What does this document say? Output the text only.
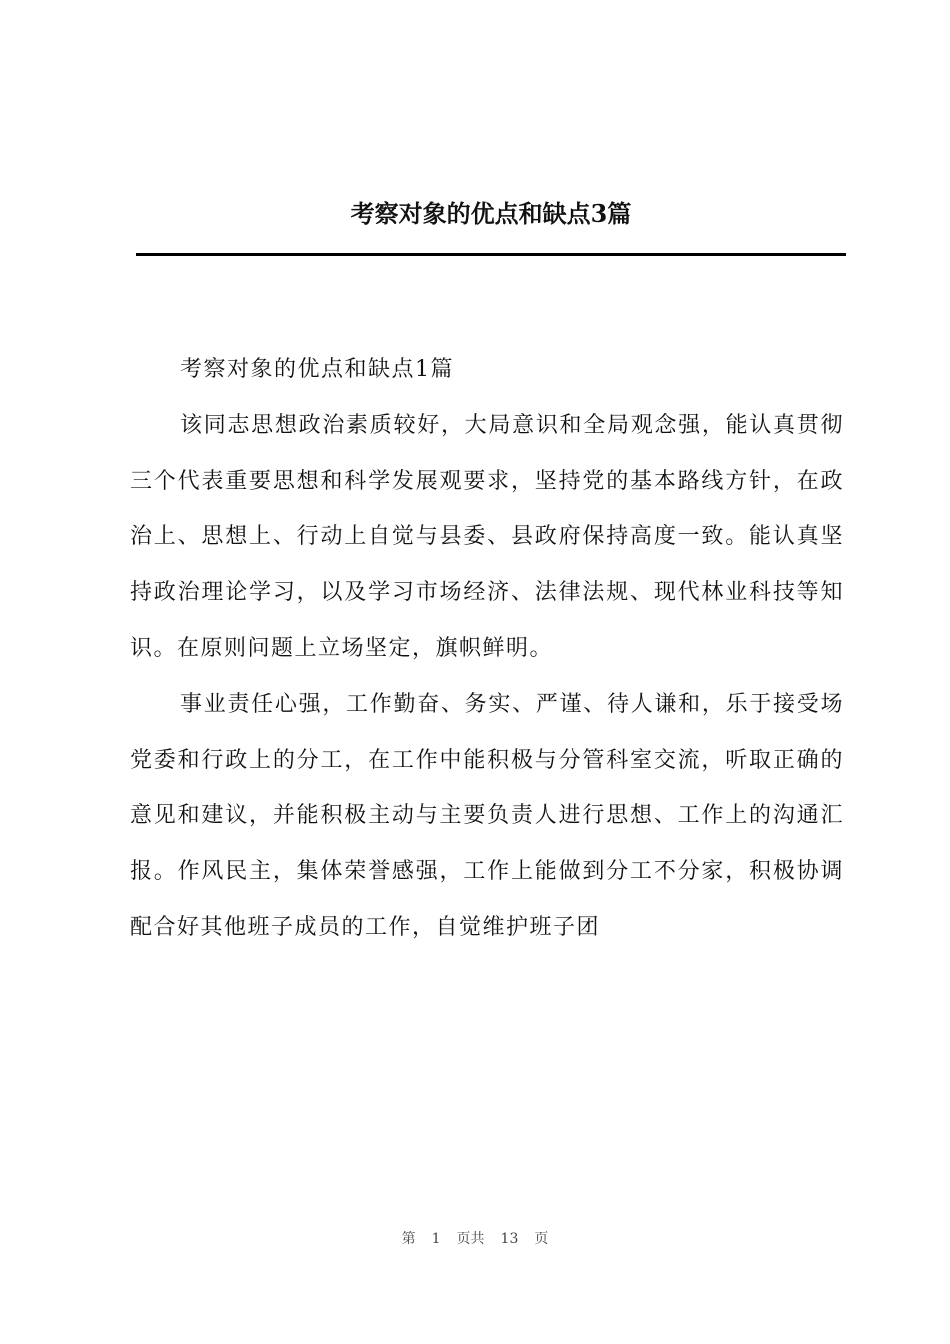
考察对象的优点和缺点3篇

考察对象的优点和缺点1篇

该同志思想政治素质较好，大局意识和全局观念强，能认真贯彻三个代表重要思想和科学发展观要求，坚持党的基本路线方针，在政治上、思想上、行动上自觉与县委、县政府保持高度一致。能认真坚持政治理论学习，以及学习市场经济、法律法规、现代林业科技等知识。在原则问题上立场坚定，旗帜鲜明。

事业责任心强，工作勤奋、务实、严谨、待人谦和，乐于接受场党委和行政上的分工，在工作中能积极与分管科室交流，听取正确的意见和建议，并能积极主动与主要负责人进行思想、工作上的沟通汇报。作风民主，集体荣誉感强，工作上能做到分工不分家，积极协调配合好其他班子成员的工作，自觉维护班子团

第 1 页共 13 页
